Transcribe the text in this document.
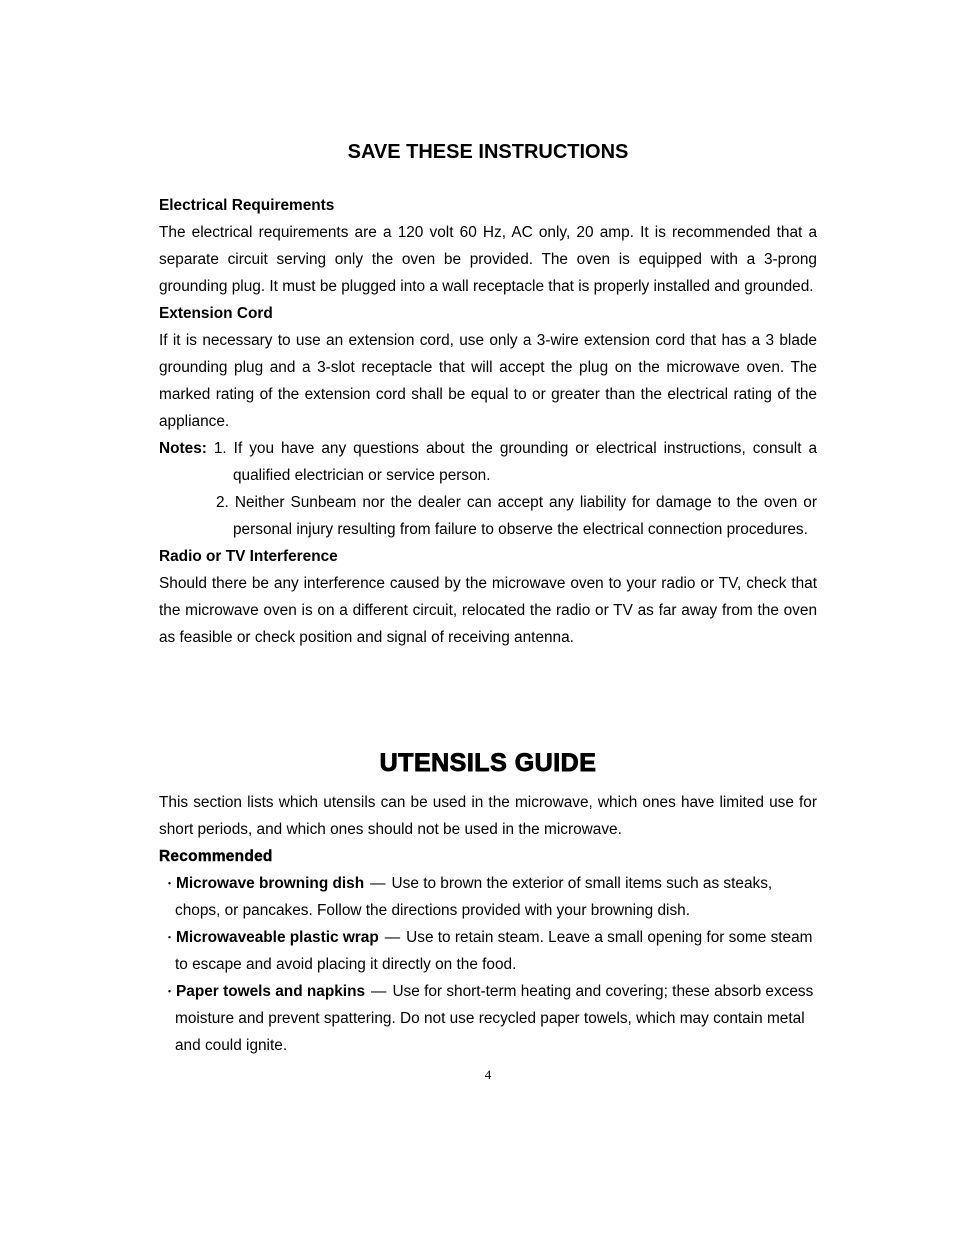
SAVE THESE INSTRUCTIONS
Electrical Requirements

The electrical requirements are a 120 volt 60 Hz, AC only, 20 amp. It is recommended that a separate circuit serving only the oven be provided. The oven is equipped with a 3-prong grounding plug. It must be plugged into a wall receptacle that is properly installed and grounded.

Extension Cord

If it is necessary to use an extension cord, use only a 3-wire extension cord that has a 3 blade grounding plug and a 3-slot receptacle that will accept the plug on the microwave oven. The marked rating of the extension cord shall be equal to or greater than the electrical rating of the appliance.

Notes: 1. If you have any questions about the grounding or electrical instructions, consult a qualified electrician or service person.

2. Neither Sunbeam nor the dealer can accept any liability for damage to the oven or personal injury resulting from failure to observe the electrical connection procedures.

Radio or TV Interference

Should there be any interference caused by the microwave oven to your radio or TV, check that the microwave oven is on a different circuit, relocated the radio or TV as far away from the oven as feasible or check position and signal of receiving antenna.

UTENSILS GUIDE

This section lists which utensils can be used in the microwave, which ones have limited use for short periods, and which ones should not be used in the microwave.

Recommended

・Microwave browning dish — Use to brown the exterior of small items such as steaks, chops, or pancakes. Follow the directions provided with your browning dish.

・Microwaveable plastic wrap — Use to retain steam. Leave a small opening for some steam to escape and avoid placing it directly on the food.

・Paper towels and napkins — Use for short-term heating and covering; these absorb excess moisture and prevent spattering. Do not use recycled paper towels, which may contain metal and could ignite.

4
